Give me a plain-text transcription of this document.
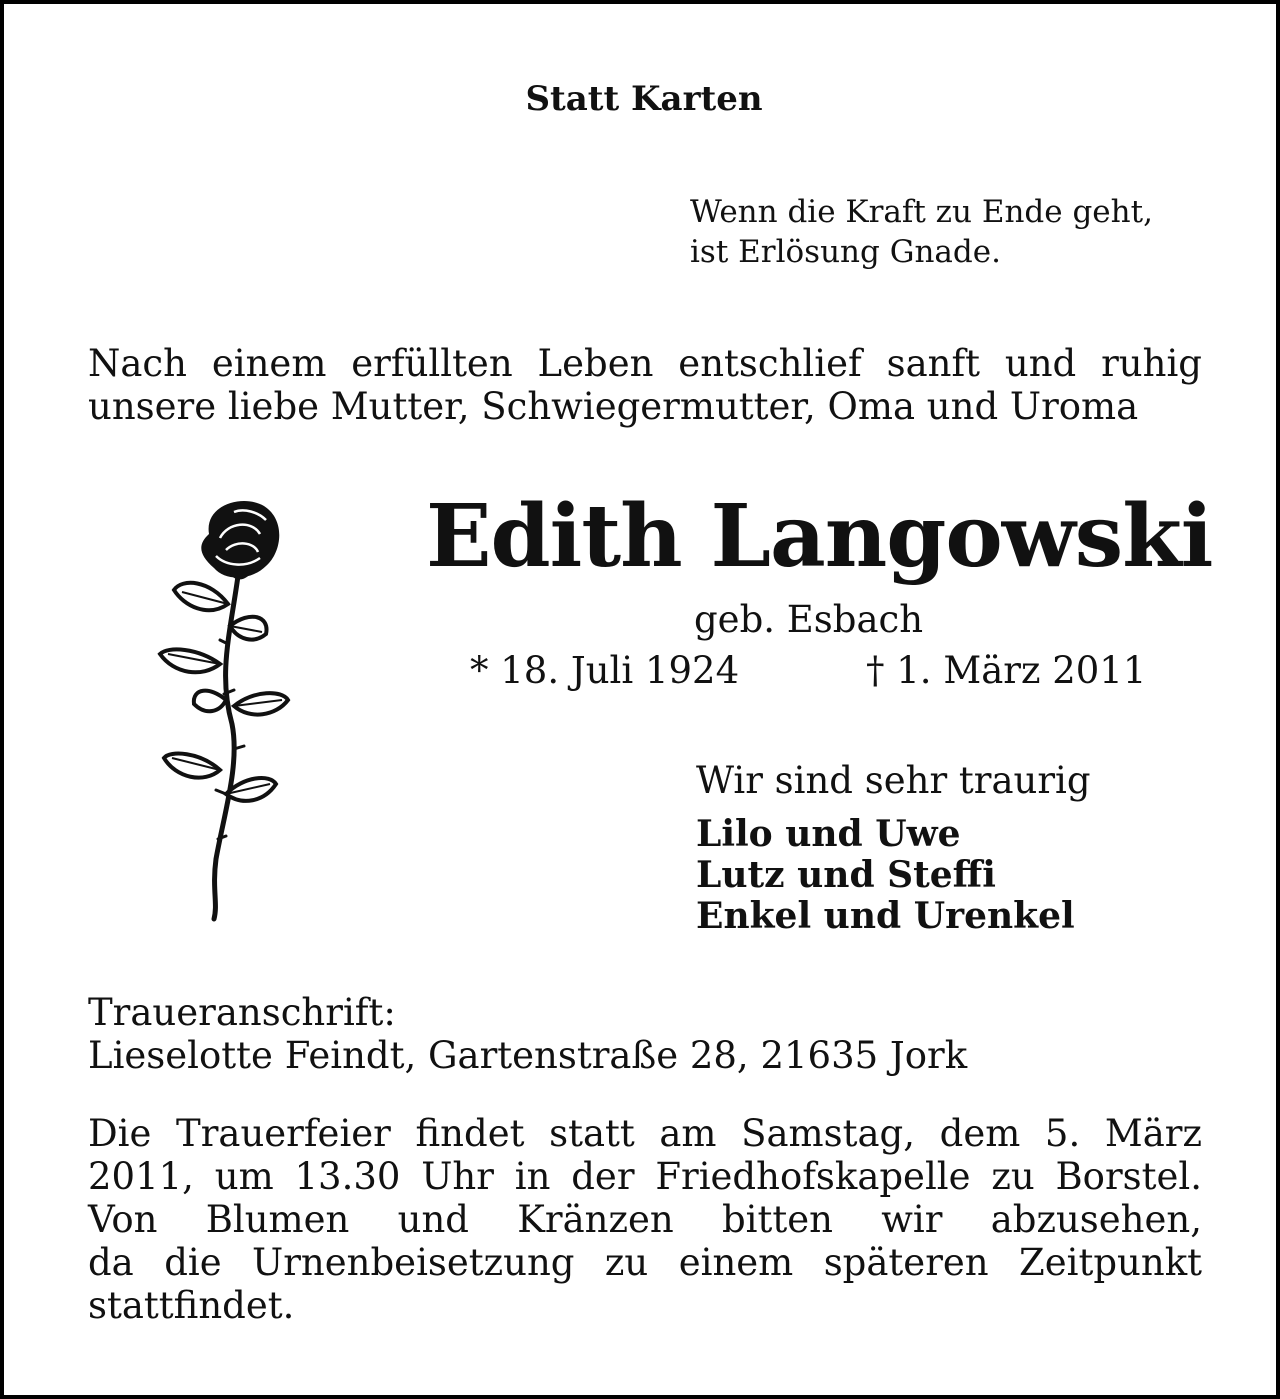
Statt Karten
Wenn die Kraft zu Ende geht,
ist Erlösung Gnade.
Nach einem erfüllten Leben entschlief sanft und ruhig
unsere liebe Mutter, Schwiegermutter, Oma und Uroma
Edith Langowski
geb. Esbach
* 18. Juli 1924	† 1. März 2011
Wir sind sehr traurig
Lilo und Uwe
Lutz und Steffi
Enkel und Urenkel
Traueranschrift:
Lieselotte Feindt, Gartenstraße 28, 21635 Jork
Die Trauerfeier findet statt am Samstag, dem 5. März
2011, um 13.30 Uhr in der Friedhofskapelle zu Borstel.
Von Blumen und Kränzen bitten wir abzusehen,
da die Urnenbeisetzung zu einem späteren Zeitpunkt
stattfindet.
